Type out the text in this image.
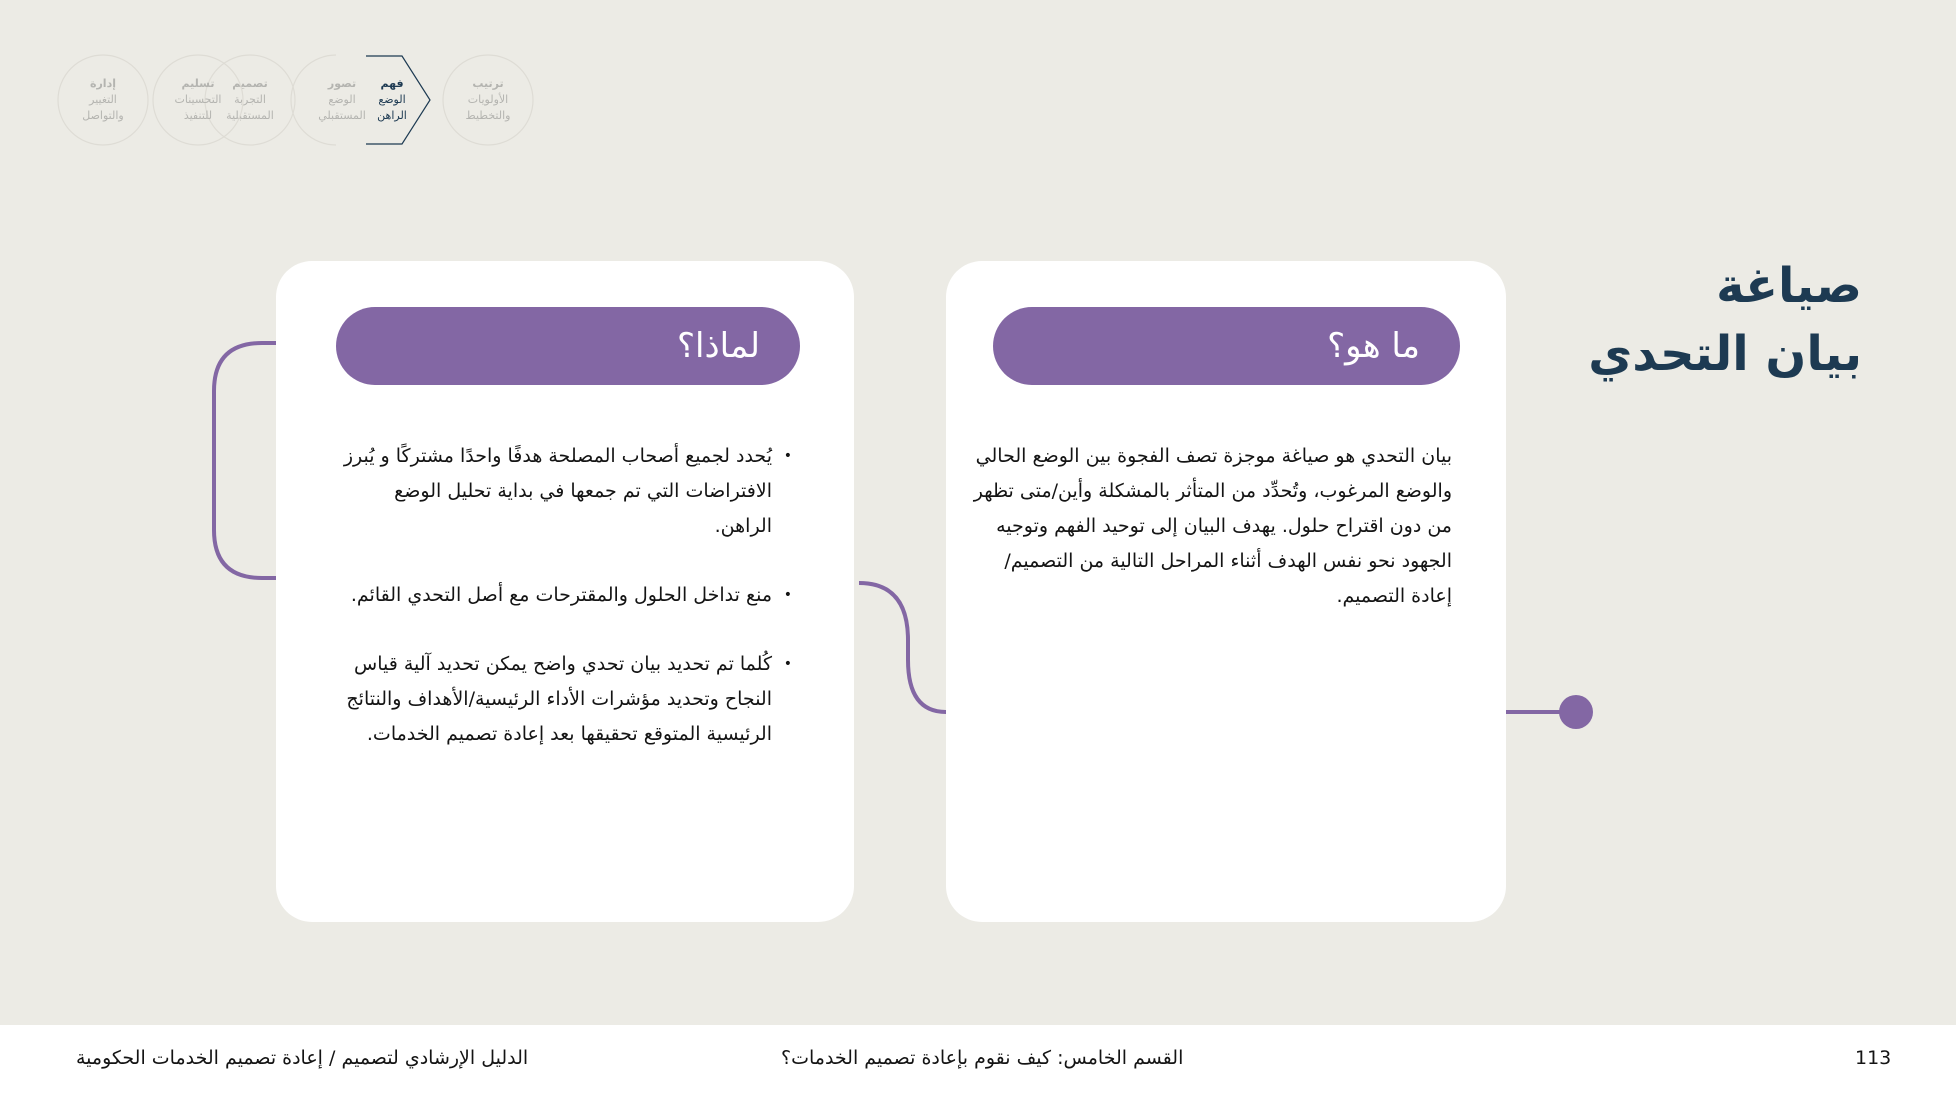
ترتيب
الأولويات
والتخطيط
فهم
الوضع
الراهن
تصور
الوضع
المستقبلي
تصميم
التجربة
المستقبلية
تسليم
التحسينات
للتنفيذ
إدارة
التغيير
والتواصل
صياغة
بيان التحدي
ما هو؟
بيان التحدي هو صياغة موجزة تصف الفجوة بين الوضع الحالي والوضع المرغوب، وتُحدِّد من المتأثر بالمشكلة وأين/متى تظهر من دون اقتراح حلول. يهدف البيان إلى توحيد الفهم وتوجيه الجهود نحو نفس الهدف أثناء المراحل التالية من التصميم/إعادة التصميم.
لماذا؟
•
يُحدد لجميع أصحاب المصلحة هدفًا واحدًا مشتركًا و يُبرز الافتراضات التي تم جمعها في بداية تحليل الوضع الراهن.
•
منع تداخل الحلول والمقترحات مع أصل التحدي القائم.
•
كُلما تم تحديد بيان تحدي واضح يمكن تحديد آلية قياس النجاح وتحديد مؤشرات الأداء الرئيسية/الأهداف والنتائج الرئيسية المتوقع تحقيقها بعد إعادة تصميم الخدمات.
113
القسم الخامس: كيف نقوم بإعادة تصميم الخدمات؟
الدليل الإرشادي لتصميم / إعادة تصميم الخدمات الحكومية
